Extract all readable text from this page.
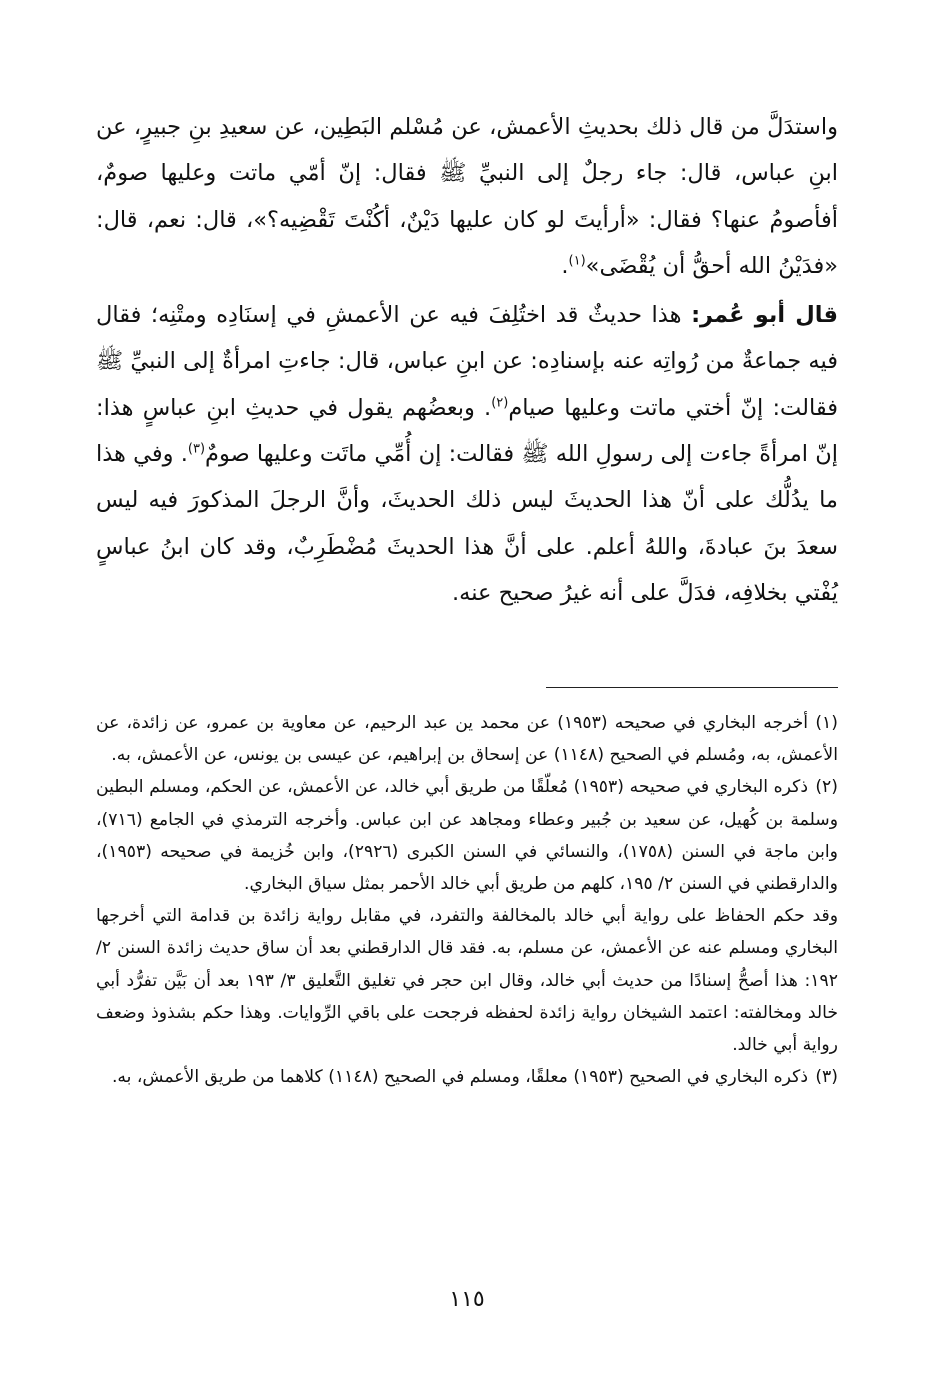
واستدَلَّ من قال ذلك بحديثِ الأعمش، عن مُسْلم البَطِين، عن سعيدِ بنِ جبيرٍ، عن ابنِ عباس، قال: جاء رجلٌ إلى النبيِّ ﷺ فقال: إنّ أمّي ماتت وعليها صومٌ، أفأصومُ عنها؟ فقال: «أرأيتَ لو كان عليها دَيْنٌ، أكُنْتَ تَقْضِيه؟»، قال: نعم، قال: «فدَيْنُ الله أحقُّ أن يُقْضَى»$^{(١)}$.

قال أبو عُمر: هذا حديثٌ قد اختُلِفَ فيه عن الأعمشِ في إسنَادِه ومتْنِه؛ فقال فيه جماعةٌ من رُواتِه عنه بإسنادِه: عن ابنِ عباس، قال: جاءتِ امرأةٌ إلى النبيِّ ﷺ فقالت: إنّ أختي ماتت وعليها صيام$^{(٢)}$. وبعضُهم يقول في حديثِ ابنِ عباسٍ هذا: إنّ امرأةً جاءت إلى رسولِ الله ﷺ فقالت: إن أُمِّي ماتَت وعليها صومٌ$^{(٣)}$. وفي هذا ما يدُلُّك على أنّ هذا الحديثَ ليس ذلك الحديثَ، وأنَّ الرجلَ المذكورَ فيه ليس سعدَ بنَ عبادةَ، واللهُ أعلم. على أنَّ هذا الحديثَ مُضْطَرِبٌ، وقد كان ابنُ عباسٍ يُفْتي بخلافِه، فدَلَّ على أنه غيرُ صحيح عنه.

(١)أخرجه البخاري في صحيحه (١٩٥٣) عن محمد ين عبد الرحيم، عن معاوية بن عمرو، عن زائدة، عن الأعمش، به، ومُسلم في الصحيح (١١٤٨) عن إسحاق بن إبراهيم، عن عيسى بن يونس، عن الأعمش، به.

(٢)ذكره البخاري في صحيحه (١٩٥٣) مُعلّقًا من طريق أبي خالد، عن الأعمش، عن الحكم، ومسلم البطين وسلمة بن كُهيل، عن سعيد بن جُبير وعطاء ومجاهد عن ابن عباس. وأخرجه الترمذي في الجامع (٧١٦)، وابن ماجة في السنن (١٧٥٨)، والنسائي في السنن الكبرى (٢٩٢٦)، وابن خُزيمة في صحيحه (١٩٥٣)، والدارقطني في السنن ٢/ ١٩٥، كلهم من طريق أبي خالد الأحمر بمثل سياق البخاري.

وقد حكم الحفاظ على رواية أبي خالد بالمخالفة والتفرد، في مقابل رواية زائدة بن قدامة التي أخرجها البخاري ومسلم عنه عن الأعمش، عن مسلم، به. فقد قال الدارقطني بعد أن ساق حديث زائدة السنن ٢/ ١٩٢: هذا أصحُّ إسنادًا من حديث أبي خالد، وقال ابن حجر في تغليق التَّعليق ٣/ ١٩٣ بعد أن بَيَّن تفرُّد أبي خالد ومخالفته: اعتمد الشيخان رواية زائدة لحفظه فرجحت على باقي الرِّوايات. وهذا حكم بشذوذ وضعف رواية أبي خالد.

(٣)ذكره البخاري في الصحيح (١٩٥٣) معلقًا، ومسلم في الصحيح (١١٤٨) كلاهما من طريق الأعمش، به.

١١٥
